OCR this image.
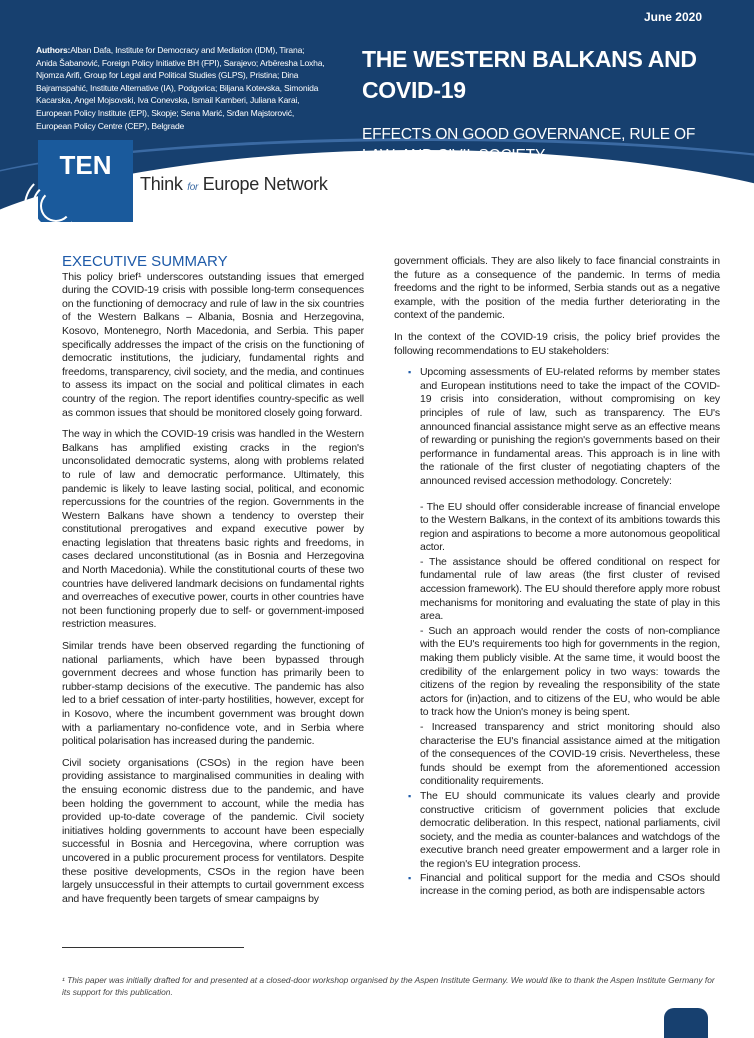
June 2020
Authors:Alban Dafa, Institute for Democracy and Mediation (IDM), Tirana; Anida Šabanović, Foreign Policy Initiative BH (FPI), Sarajevo; Arbëresha Loxha, Njomza Arifi, Group for Legal and Political Studies (GLPS), Pristina; Dina Bajramspahić, Institute Alternative (IA), Podgorica; Biljana Kotevska, Simonida Kacarska, Angel Mojsovski, Iva Conevska, Ismail Kamberi, Juliana Karai, European Policy Institute (EPI), Skopje; Sena Marić, Srđan Majstorović, European Policy Centre (CEP), Belgrade
THE WESTERN BALKANS AND COVID-19
EFFECTS ON GOOD GOVERNANCE, RULE OF LAW, AND CIVIL SOCIETY
TEN
Think for Europe Network
EXECUTIVE SUMMARY

This policy brief¹ underscores outstanding issues that emerged during the COVID-19 crisis with possible long-term consequences on the functioning of democracy and rule of law in the six countries of the Western Balkans – Albania, Bosnia and Herzegovina, Kosovo, Montenegro, North Macedonia, and Serbia. This paper specifically addresses the impact of the crisis on the functioning of democratic institutions, the judiciary, fundamental rights and freedoms, transparency, civil society, and the media, and continues to assess its impact on the social and political climates in each country of the region. The report identifies country-specific as well as common issues that should be monitored closely going forward.

The way in which the COVID-19 crisis was handled in the Western Balkans has amplified existing cracks in the region's unconsolidated democratic systems, along with problems related to rule of law and democratic performance. Ultimately, this pandemic is likely to leave lasting social, political, and economic repercussions for the countries of the region. Governments in the Western Balkans have shown a tendency to overstep their constitutional prerogatives and expand executive power by enacting legislation that threatens basic rights and freedoms, in cases declared unconstitutional (as in Bosnia and Herzegovina and North Macedonia). While the constitutional courts of these two countries have delivered landmark decisions on fundamental rights and overreaches of executive power, courts in other countries have not been functioning properly due to self- or government-imposed restriction measures.

Similar trends have been observed regarding the functioning of national parliaments, which have been bypassed through government decrees and whose function has primarily been to rubber-stamp decisions of the executive. The pandemic has also led to a brief cessation of inter-party hostilities, however, except for in Kosovo, where the incumbent government was brought down with a parliamentary no-confidence vote, and in Serbia where political polarisation has increased during the pandemic.

Civil society organisations (CSOs) in the region have been providing assistance to marginalised communities in dealing with the ensuing economic distress due to the pandemic, and have been holding the government to account, while the media has provided up-to-date coverage of the pandemic. Civil society initiatives holding governments to account have been especially successful in Bosnia and Hercegovina, where corruption was uncovered in a public procurement process for ventilators. Despite these positive developments, CSOs in the region have been largely unsuccessful in their attempts to curtail government excess and have frequently been targets of smear campaigns by

government officials. They are also likely to face financial constraints in the future as a consequence of the pandemic. In terms of media freedoms and the right to be informed, Serbia stands out as a negative example, with the position of the media further deteriorating in the context of the pandemic.

In the context of the COVID-19 crisis, the policy brief provides the following recommendations to EU stakeholders:

▪ Upcoming assessments of EU-related reforms by member states and European institutions need to take the impact of the COVID-19 crisis into consideration, without compromising on key principles of rule of law, such as transparency. The EU's announced financial assistance might serve as an effective means of rewarding or punishing the region's governments based on their performance in fundamental areas. This approach is in line with the rationale of the first cluster of negotiating chapters of the announced revised accession methodology. Concretely:

- The EU should offer considerable increase of financial envelope to the Western Balkans, in the context of its ambitions towards this region and aspirations to become a more autonomous geopolitical actor.

- The assistance should be offered conditional on respect for fundamental rule of law areas (the first cluster of revised accession framework). The EU should therefore apply more robust mechanisms for monitoring and evaluating the state of play in this area.

- Such an approach would render the costs of non-compliance with the EU's requirements too high for governments in the region, making them publicly visible. At the same time, it would boost the credibility of the enlargement policy in two ways: towards the citizens of the region by revealing the responsibility of the state actors for (in)action, and to citizens of the EU, who would be able to track how the Union's money is being spent.

- Increased transparency and strict monitoring should also characterise the EU's financial assistance aimed at the mitigation of the consequences of the COVID-19 crisis. Nevertheless, these funds should be exempt from the aforementioned accession conditionality requirements.

▪ The EU should communicate its values clearly and provide constructive criticism of government policies that exclude democratic deliberation. In this respect, national parliaments, civil society, and the media as counter-balances and watchdogs of the executive branch need greater empowerment and a larger role in the region's EU integration process.
▪ Financial and political support for the media and CSOs should increase in the coming period, as both are indispensable actors
¹ This paper was initially drafted for and presented at a closed-door workshop organised by the Aspen Institute Germany. We would like to thank the Aspen Institute Germany for its support for this publication.
